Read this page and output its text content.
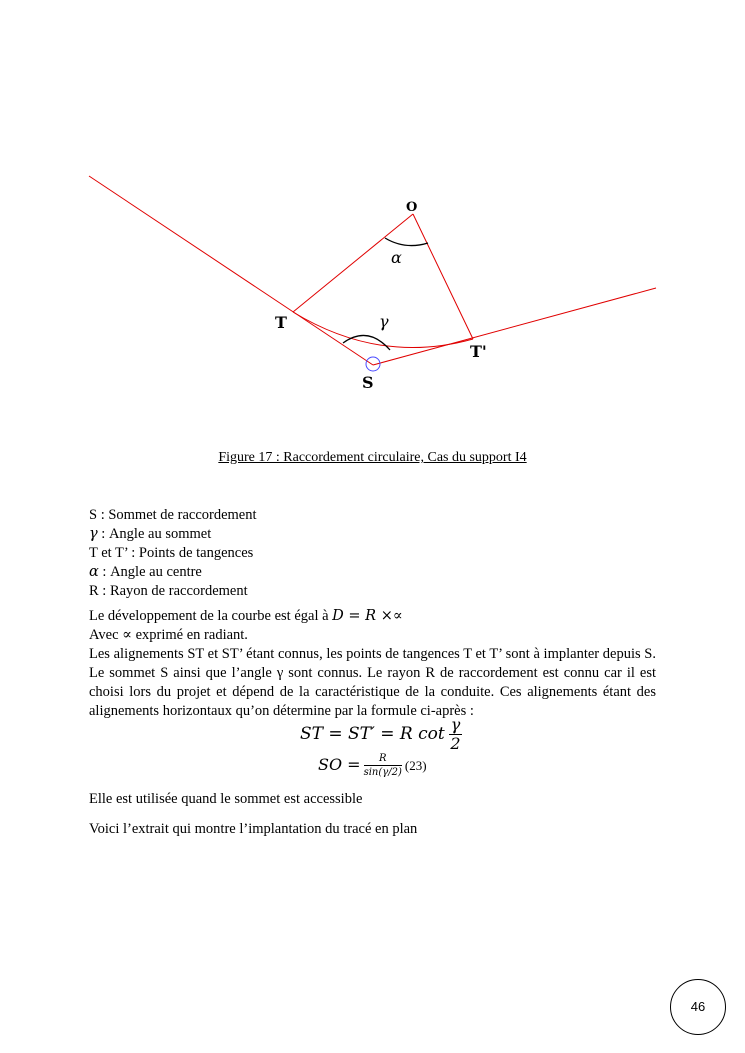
O
T
T'
S
α
γ
Figure 17 : Raccordement circulaire, Cas du support I4
S : Sommet de raccordement
γ : Angle au sommet
T et T’ : Points de tangences
α : Angle au centre
R : Rayon de raccordement
Le développement de la courbe est égal à D = R ×∝
Avec ∝ exprimé en radiant.
Les alignements ST et ST’ étant connus, les points de tangences T et T’ sont à implanter depuis S. Le sommet S ainsi que l’angle γ sont connus. Le rayon R de raccordement est connu car il est choisi lors du projet et dépend de la caractéristique de la conduite. Ces alignements étant des alignements horizontaux qu’on détermine par la formule ci-après :
ST = ST′ = R $\cot \frac{\gamma}{2}$
SO = $\frac{R}{\sin(\gamma/2)} (23)$
Elle est utilisée quand le sommet est accessible
Voici l’extrait qui montre l’implantation du tracé en plan
46
